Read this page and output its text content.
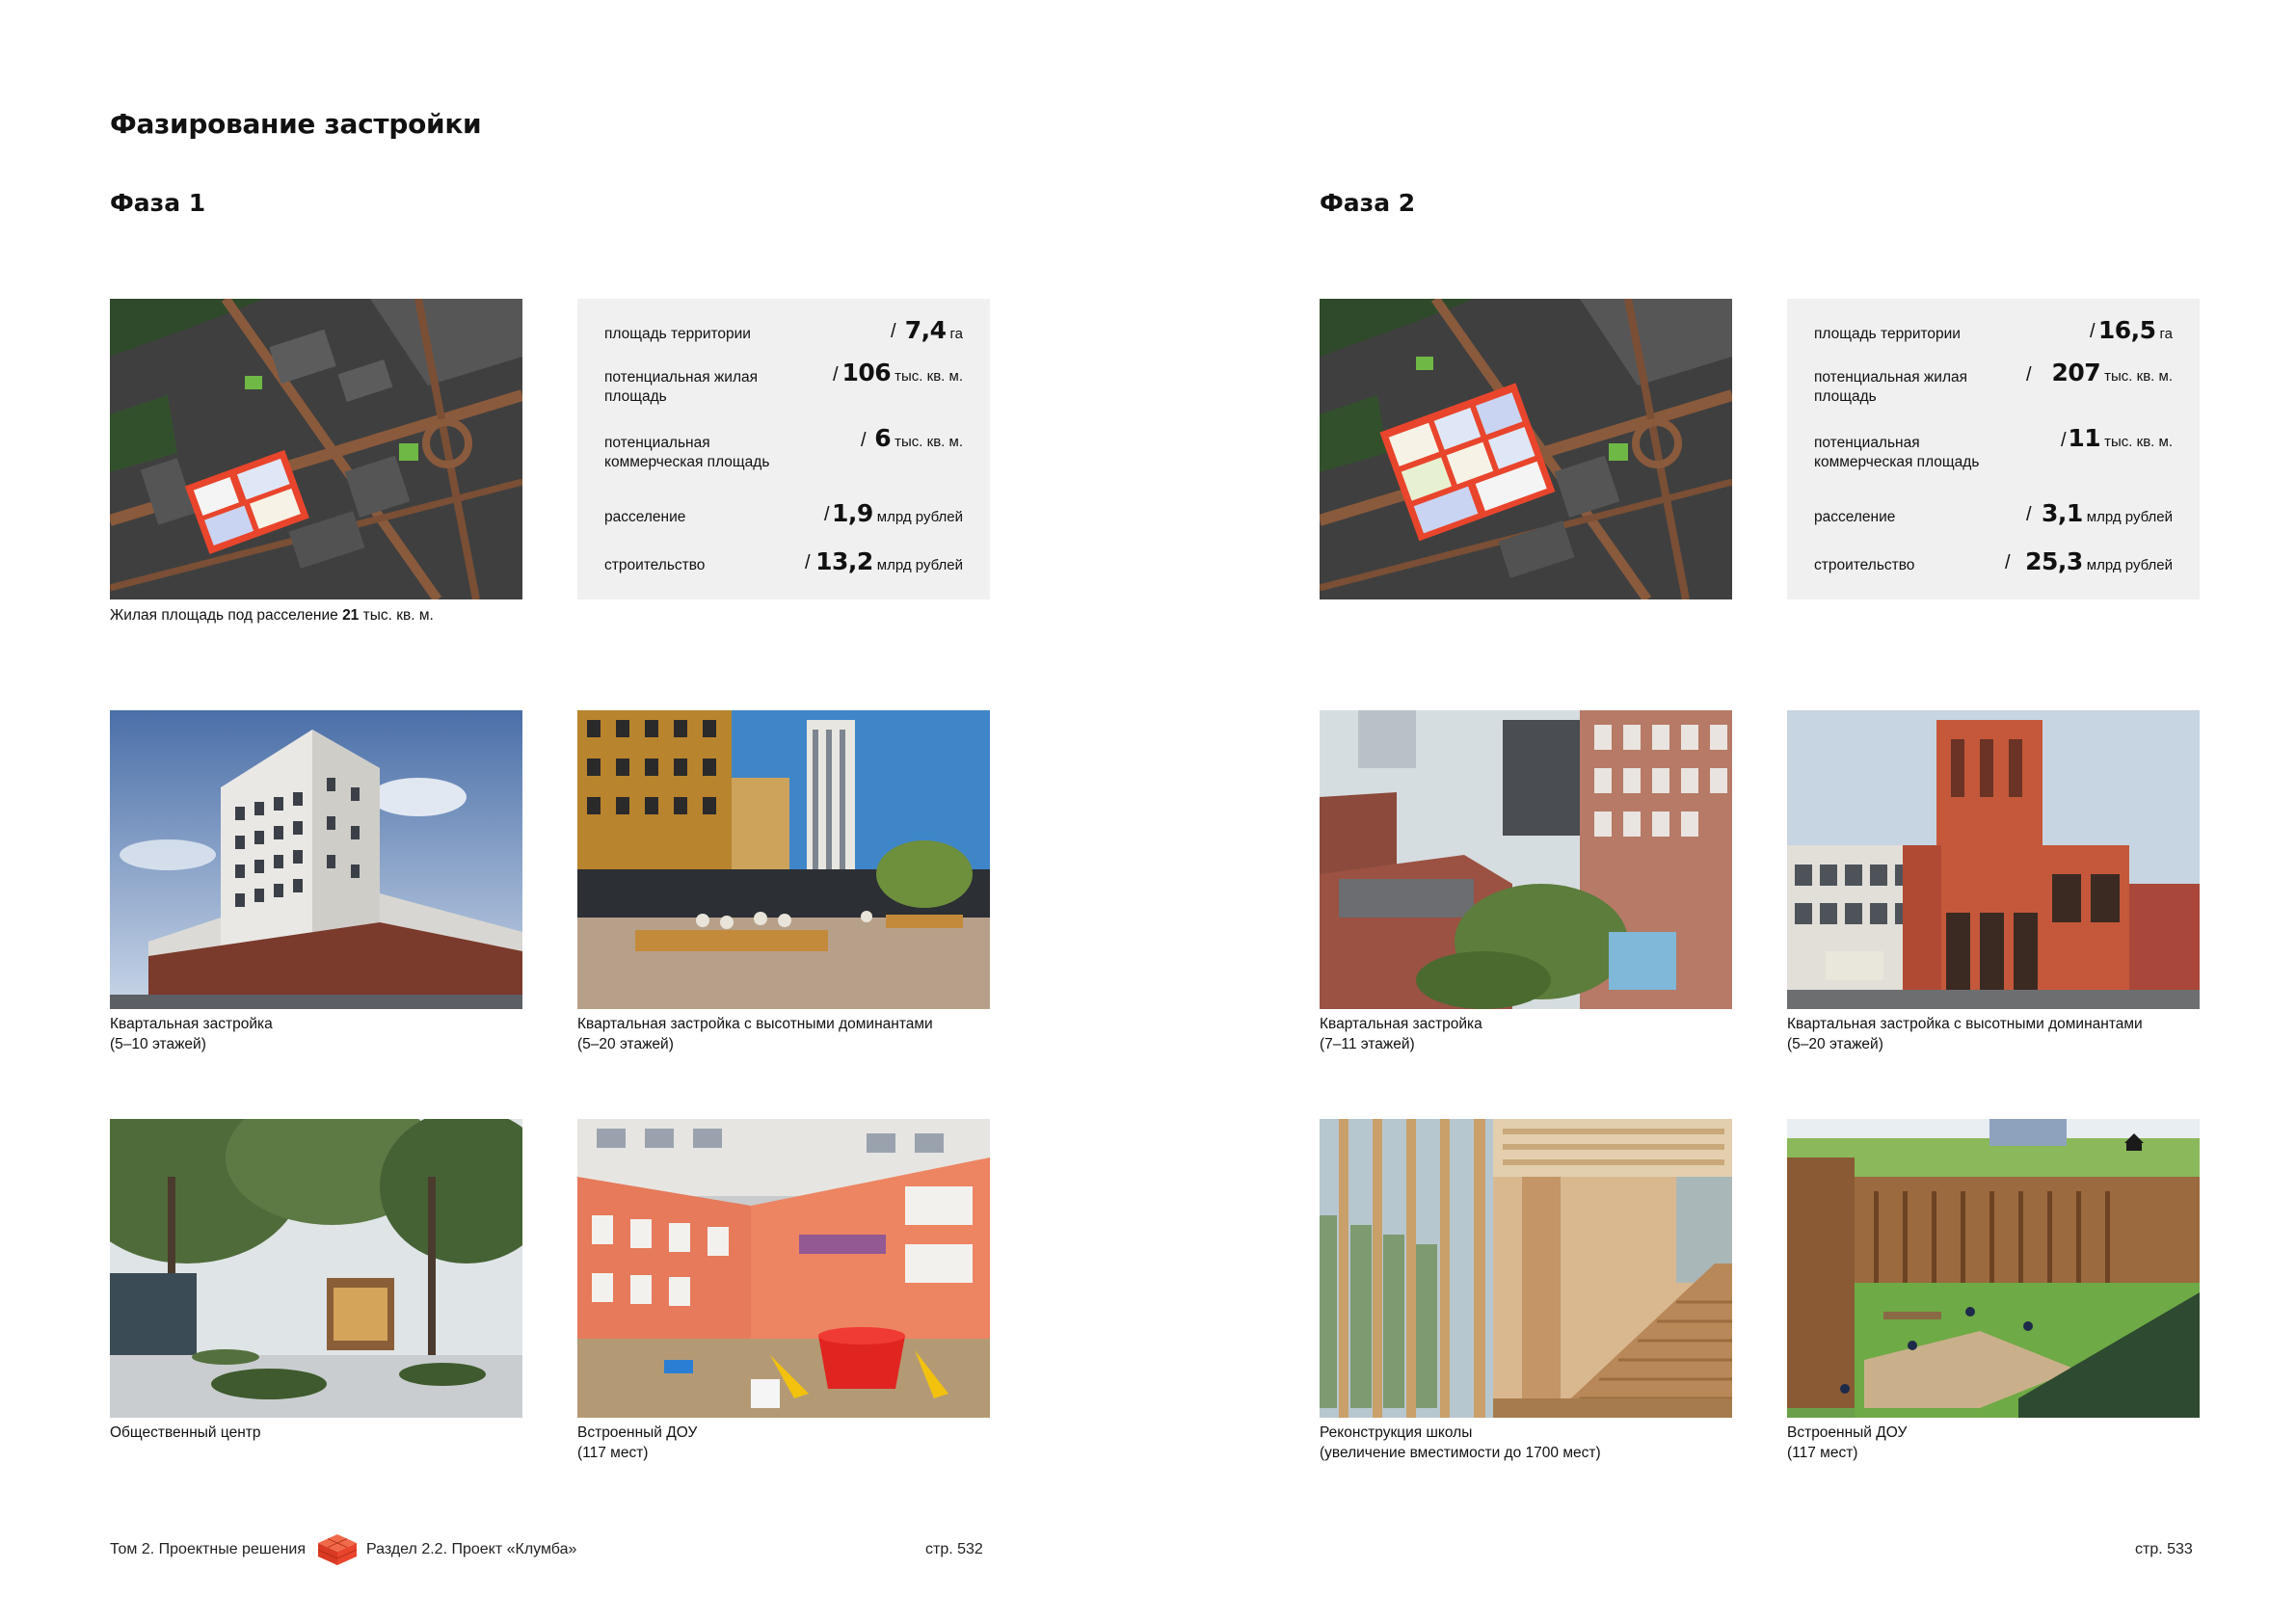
Фазирование застройки
Фаза 1
Жилая площадь под расселение 21 тыс. кв. м.
площадь территории	/ 7,4 га
потенциальная жилая площадь
/ 106 тыс. кв. м.
потенциальная коммерческая площадь
/ 6 тыс. кв. м.
расселение	/ 1,9 млрд рублей
строительство	/ 13,2 млрд рублей
Квартальная застройка
(5–10 этажей)
Квартальная застройка с высотными доминантами
(5–20 этажей)
Общественный центр	Встроенный ДОУ
(117 мест)
Фаза 2
площадь территории	/ 16,5 га
потенциальная жилая площадь
/ 207 тыс. кв. м.
потенциальная коммерческая площадь
/ 11 тыс. кв. м.
расселение	/ 3,1 млрд рублей
строительство	/ 25,3 млрд рублей
Квартальная застройка
(7–11 этажей)
Квартальная застройка с высотными доминантами
(5–20 этажей)
Реконструкция школы
(увеличение вместимости до 1700 мест)
Встроенный ДОУ
(117 мест)
Том 2. Проектные решения	Раздел 2.2. Проект «Клумба»	стр. 532	стр. 533
